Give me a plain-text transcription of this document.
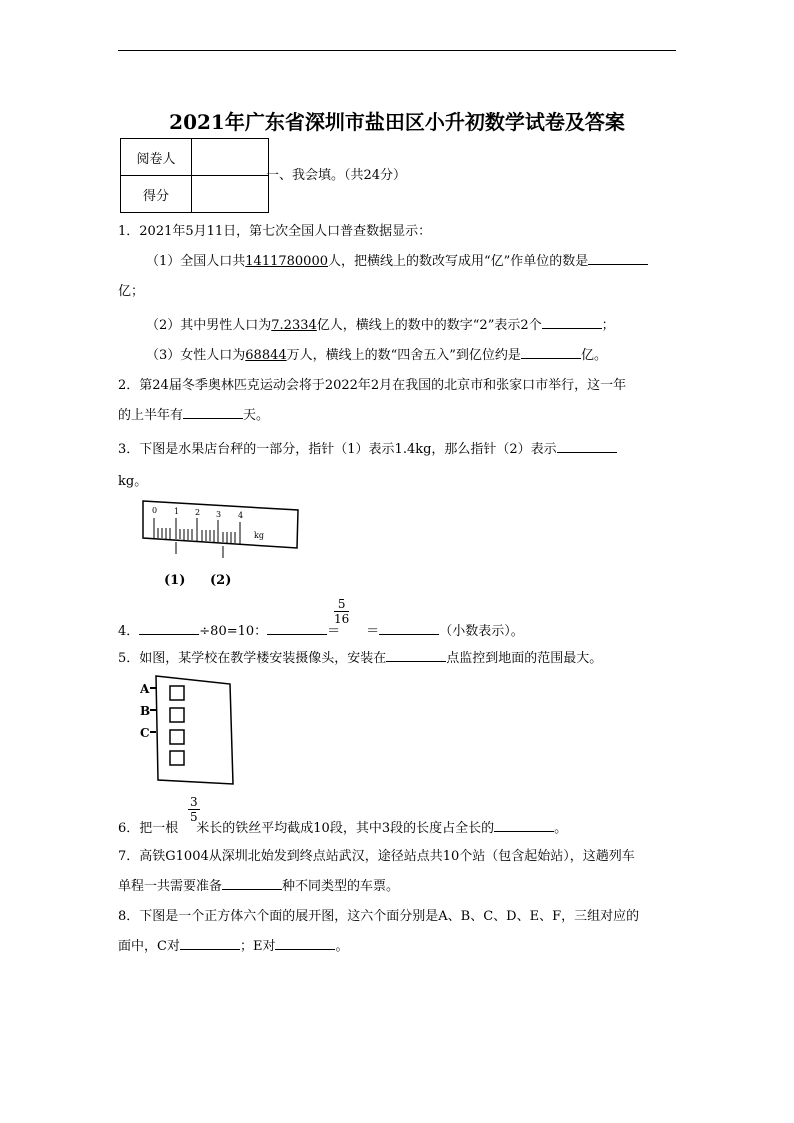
2021年广东省深圳市盐田区小升初数学试卷及答案
阅卷人	
得分	
一、我会填。（共24分）
1．2021年5月11日，第七次全国人口普查数据显示：
（1）全国人口共1411780000人，把横线上的数改写成用“亿”作单位的数是
亿；
（2）其中男性人口为7.2334亿人，横线上的数中的数字“2”表示2个	；
（3）女性人口为68844万人，横线上的数“四舍五入”到亿位约是	亿。
2．第24届冬季奥林匹克运动会将于2022年2月在我国的北京市和张家口市举行，这一年
的上半年有	天。
3．下图是水果店台秤的一部分，指针（1）表示1.4kg，那么指针（2）表示
kg。
0 1 2 3 4
kg
(1) (2)
4．	÷80=10：	＝ ＝	（小数表示）。
$\frac{5}{16}$
5．如图，某学校在教学楼安装摄像头，安装在	点监控到地面的范围最大。
A
B
C
6．把一根 米长的铁丝平均截成10段，其中3段的长度占全长的	。
$\frac{3}{5}$
7．高铁G1004从深圳北始发到终点站武汉，途径站点共10个站（包含起始站），这趟列车
单程一共需要准备	种不同类型的车票。
8．下图是一个正方体六个面的展开图，这六个面分别是A、B、C、D、E、F，三组对应的
面中，C对	；E对	。
